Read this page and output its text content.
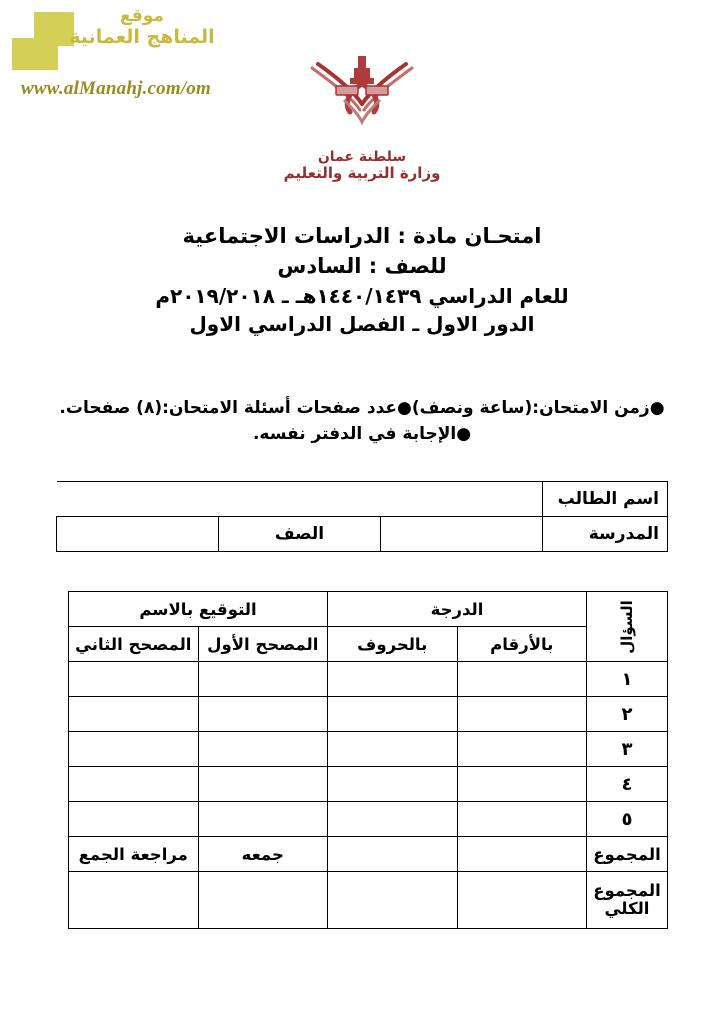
موقع
المناهج العمانية
www.alManahj.com/om
سلطنة عمان
وزارة التربية والتعليم
امتحـان مادة : الدراسات الاجتماعية
للصف : السادس
للعام الدراسي ١٤٤٠/١٤٣٩هـ ـ ٢٠١٩/٢٠١٨م
الدور الاول ـ الفصل الدراسي الاول
●زمن الامتحان:(ساعة ونصف)●عدد صفحات أسئلة الامتحان:(٨) صفحات.
●الإجابة في الدفتر نفسه.
اسم الطالب			
المدرسة		الصف	
السؤال	الدرجة		التوقيع بالاسم	
	بالأرقام	بالحروف	المصحح الأول	المصحح الثاني
١				
٢				
٣				
٤				
٥				
المجموع			جمعه	مراجعة الجمع
المجموع الكلي				
